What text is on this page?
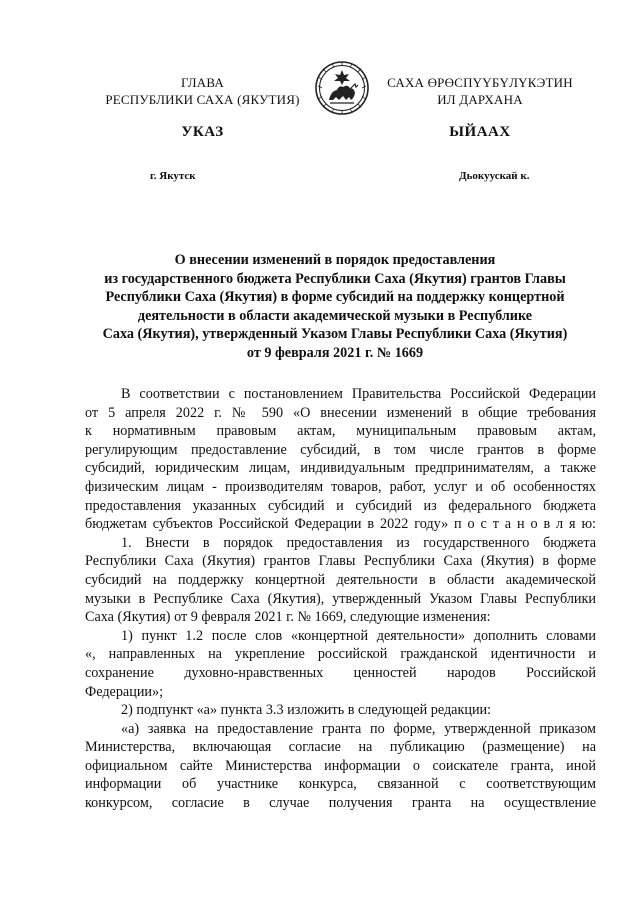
ГЛАВА
РЕСПУБЛИКИ САХА (ЯКУТИЯ)
САХА ӨРӨСПҮҮБҮЛҮКЭТИН
ИЛ ДАРХАНА
УКАЗ	ЫЙААХ
г. Якутск	Дьокуускай к.
О внесении изменений в порядок предоставления
из государственного бюджета Республики Саха (Якутия) грантов Главы
Республики Саха (Якутия) в форме субсидий на поддержку концертной
деятельности в области академической музыки в Республике
Саха (Якутия), утвержденный Указом Главы Республики Саха (Якутия)
от 9 февраля 2021 г. № 1669
В соответствии с постановлением Правительства Российской Федерации
от 5 апреля 2022 г. № 590 «О внесении изменений в общие требования
к нормативным правовым актам, муниципальным правовым актам,
регулирующим предоставление субсидий, в том числе грантов в форме
субсидий, юридическим лицам, индивидуальным предпринимателям, а также
физическим лицам - производителям товаров, работ, услуг и об особенностях
предоставления указанных субсидий и субсидий из федерального бюджета
бюджетам субъектов Российской Федерации в 2022 году» п о с т а н о в л я ю:
1. Внести в порядок предоставления из государственного бюджета
Республики Саха (Якутия) грантов Главы Республики Саха (Якутия) в форме
субсидий на поддержку концертной деятельности в области академической
музыки в Республике Саха (Якутия), утвержденный Указом Главы Республики
Саха (Якутия) от 9 февраля 2021 г. № 1669, следующие изменения:
1) пункт 1.2 после слов «концертной деятельности» дополнить словами
«, направленных на укрепление российской гражданской идентичности и
сохранение духовно-нравственных ценностей народов Российской
Федерации»;
2) подпункт «а» пункта 3.3 изложить в следующей редакции:
«а) заявка на предоставление гранта по форме, утвержденной приказом
Министерства, включающая согласие на публикацию (размещение) на
официальном сайте Министерства информации о соискателе гранта, иной
информации об участнике конкурса, связанной с соответствующим
конкурсом, согласие в случае получения гранта на осуществление
